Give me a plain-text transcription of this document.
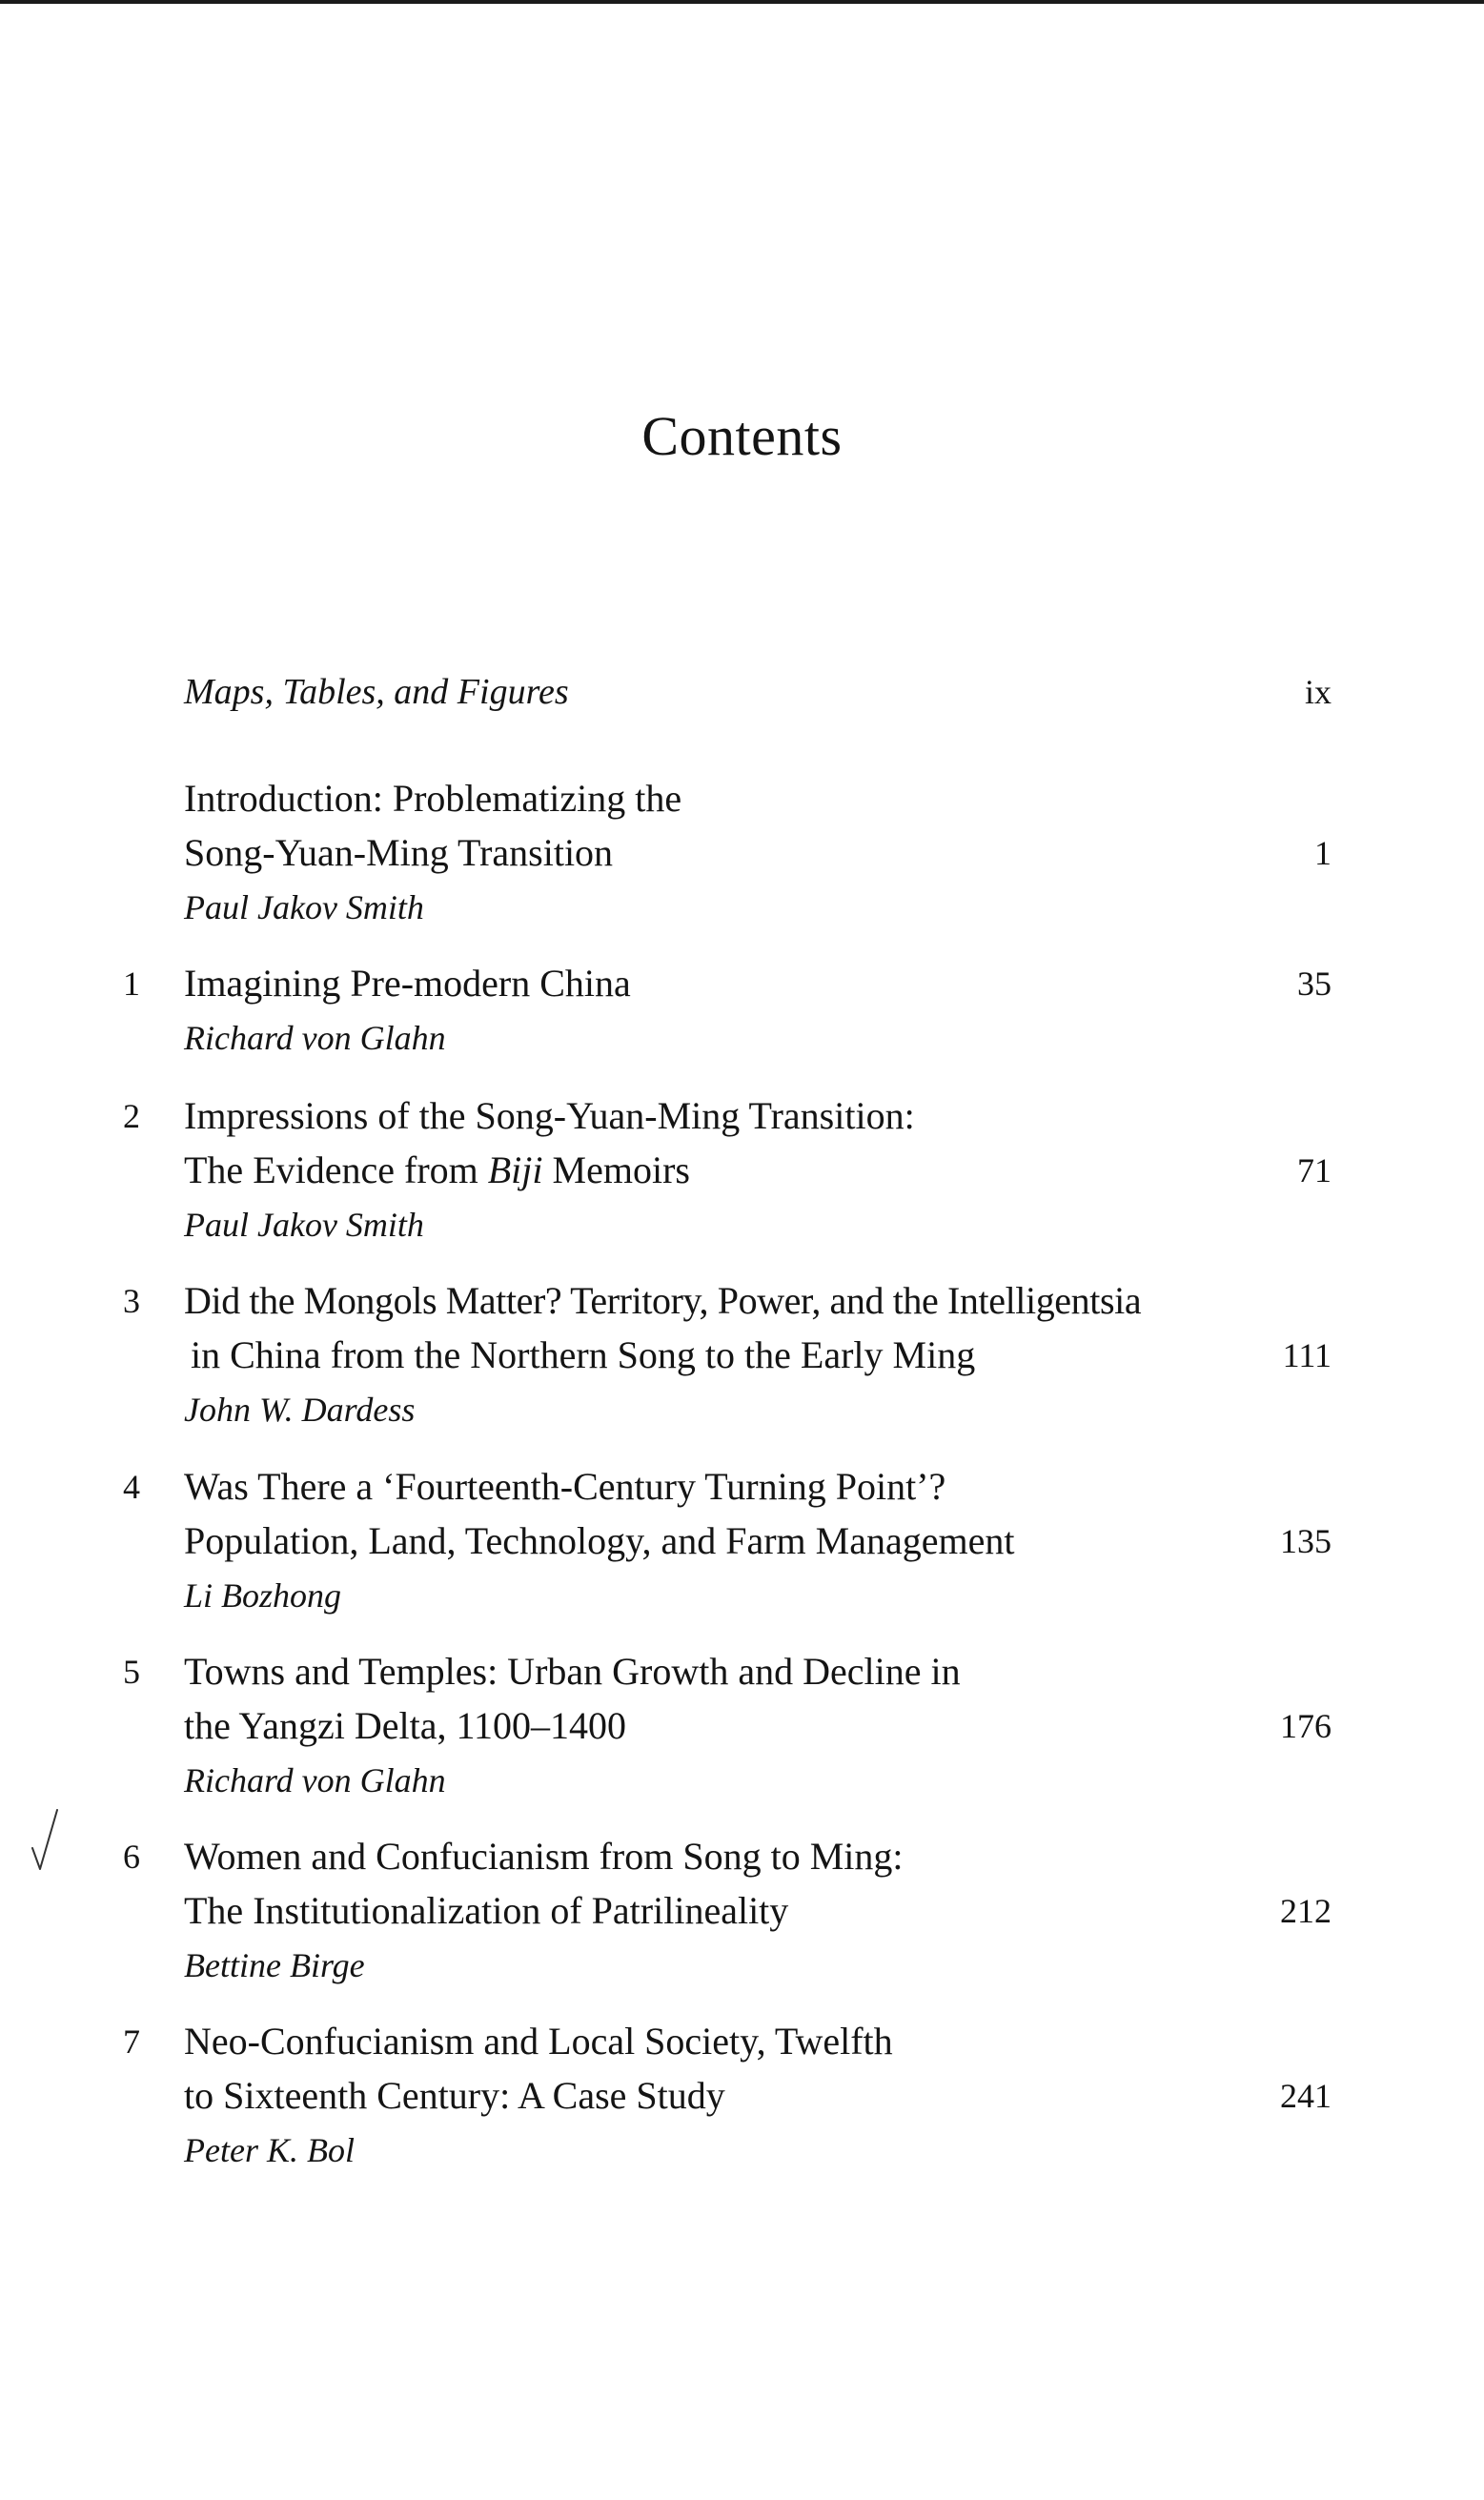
Contents
Maps, Tables, and Figures	ix
Introduction: Problematizing the
Song-Yuan-Ming Transition	1
Paul Jakov Smith
1 Imagining Pre-modern China	35
Richard von Glahn
2 Impressions of the Song-Yuan-Ming Transition:
The Evidence from Biji Memoirs	71
Paul Jakov Smith
3 Did the Mongols Matter? Territory, Power, and the Intelligentsia
in China from the Northern Song to the Early Ming	111
John W. Dardess
4 Was There a ‘Fourteenth-Century Turning Point’?
Population, Land, Technology, and Farm Management	135
Li Bozhong
5 Towns and Temples: Urban Growth and Decline in
the Yangzi Delta, 1100–1400	176
Richard von Glahn
6 Women and Confucianism from Song to Ming:
The Institutionalization of Patrilineality	212
Bettine Birge
7 Neo-Confucianism and Local Society, Twelfth
to Sixteenth Century: A Case Study	241
Peter K. Bol
